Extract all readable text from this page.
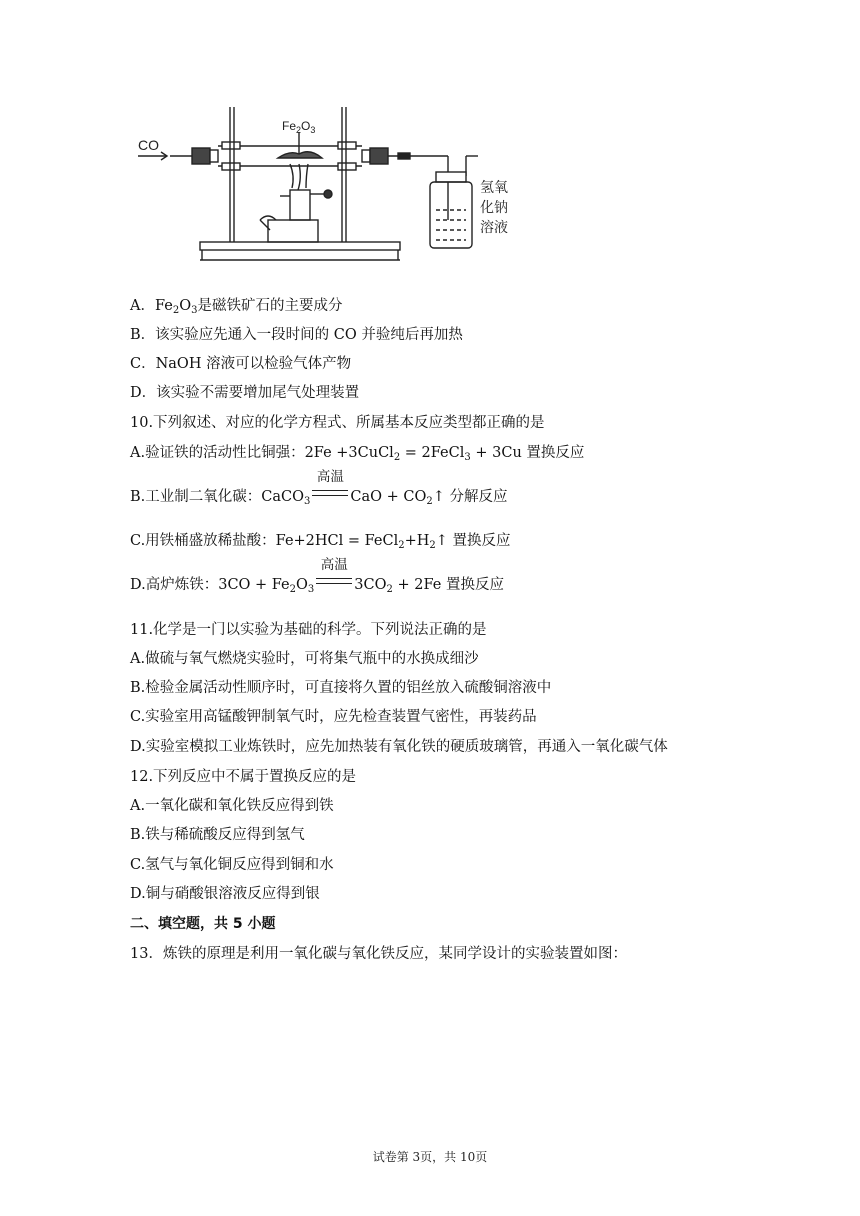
CO
$Fe_2O_3$
氢氧
化钠
溶液
A．$Fe_2O_3$是磁铁矿石的主要成分
B．该实验应先通入一段时间的 CO 并验纯后再加热
C．NaOH 溶液可以检验气体产物
D．该实验不需要增加尾气处理装置
10.下列叙述、对应的化学方程式、所属基本反应类型都正确的是
A.验证铁的活动性比铜强：2Fe +3CuCl$_2$ = 2FeCl$_3$ + 3Cu 置换反应
B.工业制二氧化碳：CaCO$_3$
高温
CaO + $CO_2↑$ 分解反应
C.用铁桶盛放稀盐酸：$Fe+2HCl = FeCl_2+H_2↑$ 置换反应
D.高炉炼铁：$3CO + Fe_2O_3$
高温
$3CO_2 + 2Fe$ 置换反应
11.化学是一门以实验为基础的科学。下列说法正确的是
A.做硫与氧气燃烧实验时，可将集气瓶中的水换成细沙
B.检验金属活动性顺序时，可直接将久置的铝丝放入硫酸铜溶液中
C.实验室用高锰酸钾制氧气时，应先检查装置气密性，再装药品
D.实验室模拟工业炼铁时，应先加热装有氧化铁的硬质玻璃管，再通入一氧化碳气体
12.下列反应中不属于置换反应的是
A.一氧化碳和氧化铁反应得到铁
B.铁与稀硫酸反应得到氢气
C.氢气与氧化铜反应得到铜和水
D.铜与硝酸银溶液反应得到银
二、填空题，共 5 小题
13．炼铁的原理是利用一氧化碳与氧化铁反应，某同学设计的实验装置如图：
试卷第 3页，共 10页
